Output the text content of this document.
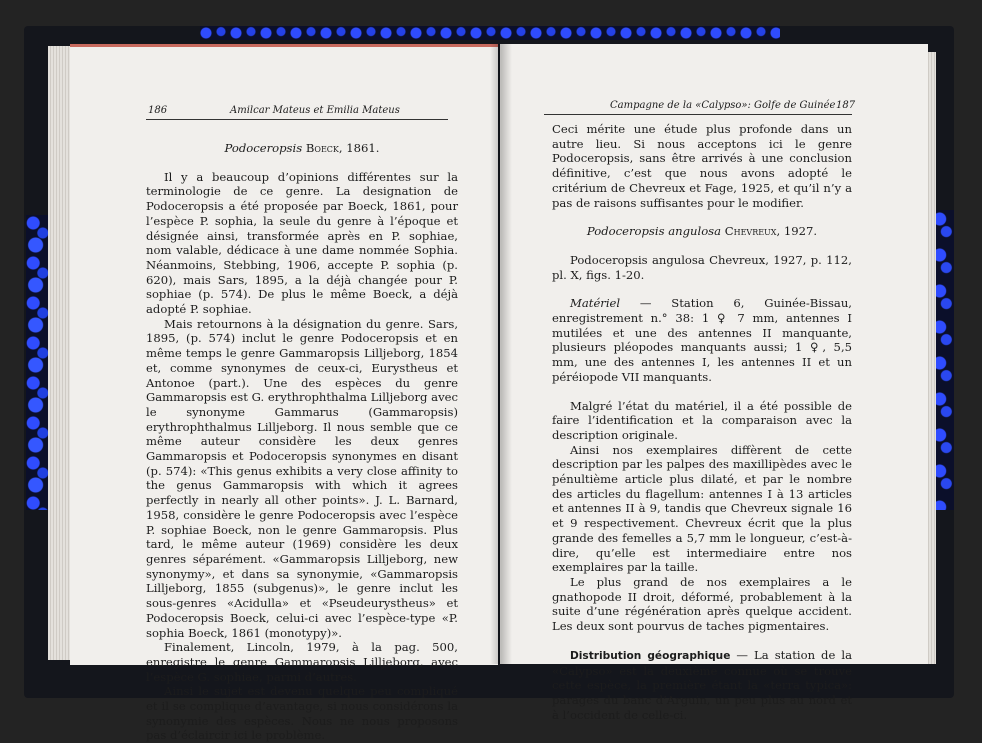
186	Amilcar Mateus et Emilia Mateus

Podoceropsis Boeck, 1861.

Il y a beaucoup d’opinions différentes sur la terminologie de ce genre. La designation de Podoceropsis a été proposée par Boeck, 1861, pour l’espèce P. sophia, la seule du genre à l’époque et désignée ainsi, transformée après en P. sophiae, nom valable, dédicace à une dame nommée Sophia. Néanmoins, Stebbing, 1906, accepte P. sophia (p. 620), mais Sars, 1895, a la déjà changée pour P. sophiae (p. 574). De plus le même Boeck, a déjà adopté P. sophiae.

Mais retournons à la désignation du genre. Sars, 1895, (p. 574) inclut le genre Podoceropsis et en même temps le genre Gammaropsis Lilljeborg, 1854 et, comme synonymes de ceux-ci, Eurystheus et Antonoe (part.). Une des espèces du genre Gammaropsis est G. erythrophthalma Lilljeborg avec le synonyme Gammarus (Gammaropsis) erythrophthalmus Lilljeborg. Il nous semble que ce même auteur considère les deux genres Gammaropsis et Podoceropsis synonymes en disant (p. 574): «This genus exhibits a very close affinity to the genus Gammaropsis with which it agrees perfectly in nearly all other points». J. L. Barnard, 1958, considère le genre Podoceropsis avec l’espèce P. sophiae Boeck, non le genre Gammaropsis. Plus tard, le même auteur (1969) considère les deux genres séparément. «Gammaropsis Lilljeborg, new synonymy», et dans sa synonymie, «Gammaropsis Lilljeborg, 1855 (subgenus)», le genre inclut les sous-genres «Acidulla» et «Pseudeurystheus» et Podoceropsis Boeck, celui-ci avec l’espèce-type «P. sophia Boeck, 1861 (monotypy)».

Finalement, Lincoln, 1979, à la pag. 500, enregistre le genre Gammaropsis Lilljeborg, avec l’espèce G. sophiae, parmi d’autres.

Ainsi le sujet est devenu quelque peu compliqué et il se complique d’avantage, si nous considérons la synonymie des espèces. Nous ne nous proposons pas d’éclaircir ici le problème.

Campagne de la «Calypso»: Golfe de Guinée 187

Ceci mérite une étude plus profonde dans un autre lieu. Si nous acceptons ici le genre Podoceropsis, sans être arrivés à une conclusion définitive, c’est que nous avons adopté le critérium de Chevreux et Fage, 1925, et qu’il n’y a pas de raisons suffisantes pour le modifier.

Podoceropsis angulosa Chevreux, 1927.

Podoceropsis angulosa Chevreux, 1927, p. 112, pl. X, figs. 1-20.

Matériel — Station 6, Guinée-Bissau, enregistrement n.° 38: 1 ♀ 7 mm, antennes I mutilées et une des antennes II manquante, plusieurs pléopodes manquants aussi; 1 ♀, 5,5 mm, une des antennes I, les antennes II et un péréiopode VII manquants.

Malgré l’état du matériel, il a été possible de faire l’identification et la comparaison avec la description originale.

Ainsi nos exemplaires diffèrent de cette description par les palpes des maxillipèdes avec le pénultième article plus dilaté, et par le nombre des articles du flagellum: antennes I à 13 articles et antennes II à 9, tandis que Chevreux signale 16 et 9 respectivement. Chevreux écrit que la plus grande des femelles a 5,7 mm le longueur, c’est-à-dire, qu’elle est intermediaire entre nos exemplaires par la taille.

Le plus grand de nos exemplaires a le gnathopode II droit, déformé, probablement à la suite d’une régénération après quelque accident. Les deux sont pourvus de taches pigmentaires.

Distribution géographique — La station de la «Calypso» est la deuxième connue où se trouve cette espèce, la première étant la «terra typica»: parages du banc d’Arguin, un peu plus au nord et à l’occident de celle-ci.
